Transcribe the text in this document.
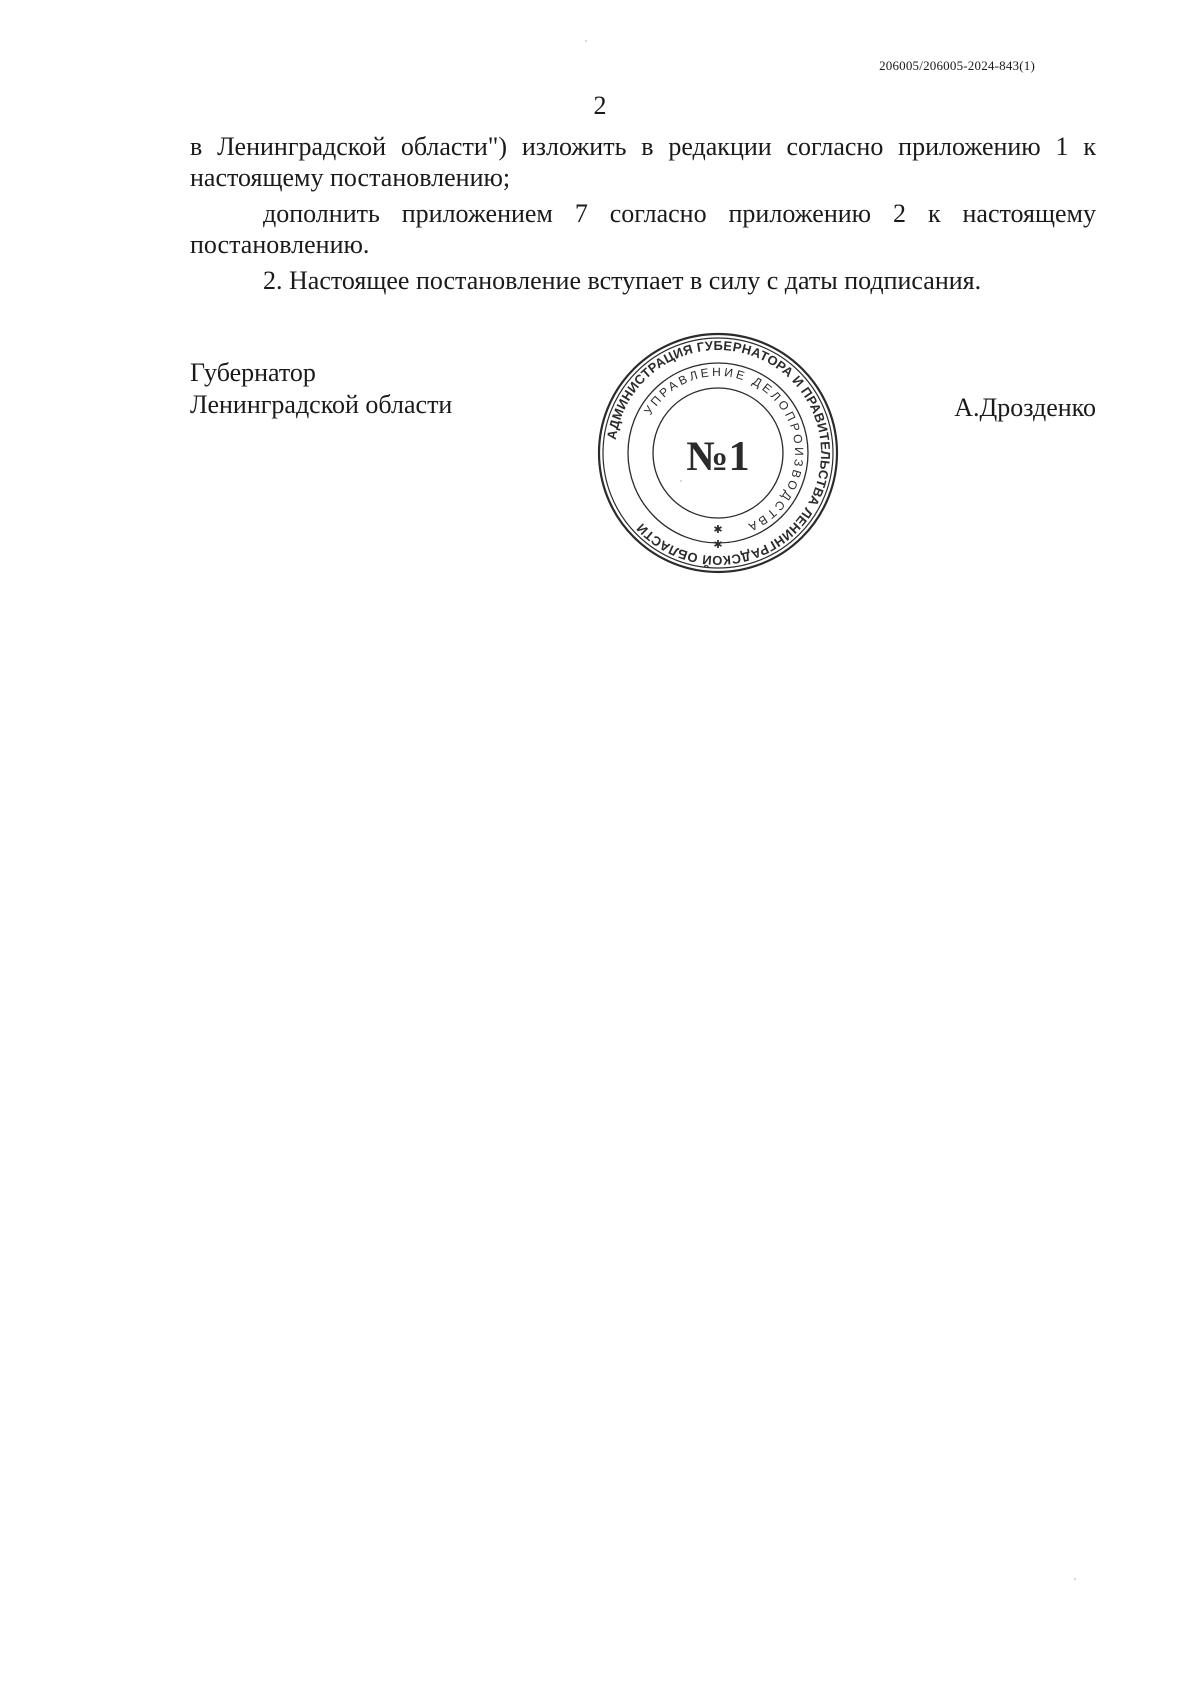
206005/206005-2024-843(1)
2

в Ленинградской области") изложить в редакции согласно приложению 1 к настоящему постановлению;

дополнить приложением 7 согласно приложению 2 к настоящему постановлению.

2. Настоящее постановление вступает в силу с даты подписания.

Губернатор
Ленинградской области	А.Дрозденко
АДМИНИСТРАЦИЯ ГУБЕРНАТОРА И ПРАВИТЕЛЬСТВА ЛЕНИНГРАДСКОЙ ОБЛАСТИ
УПРАВЛЕНИЕ ДЕЛОПРОИЗВОДСТВА
№1
✱
✱
